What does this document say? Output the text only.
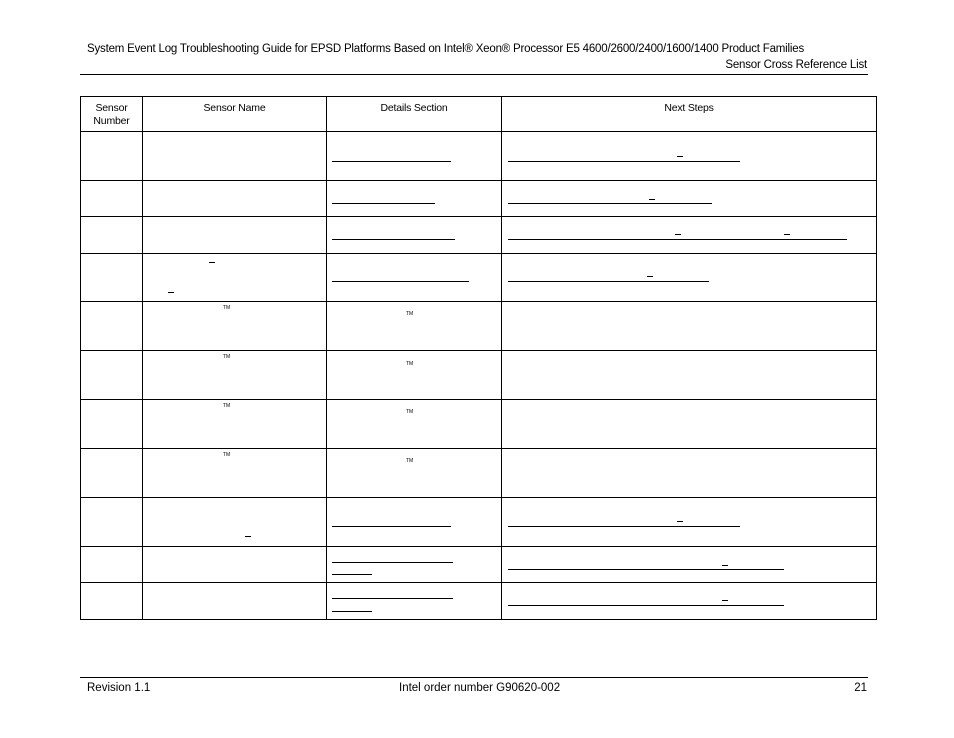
System Event Log Troubleshooting Guide for EPSD Platforms Based on Intel® Xeon® Processor E5 4600/2600/2400/1600/1400 Product Families
Sensor Cross Reference List
Sensor Number	Sensor Name	Details Section	Next Steps

	TM	TM	

	TM	TM	

	TM	TM	

	TM	TM	

Revision 1.1	Intel order number G90620-002	21
